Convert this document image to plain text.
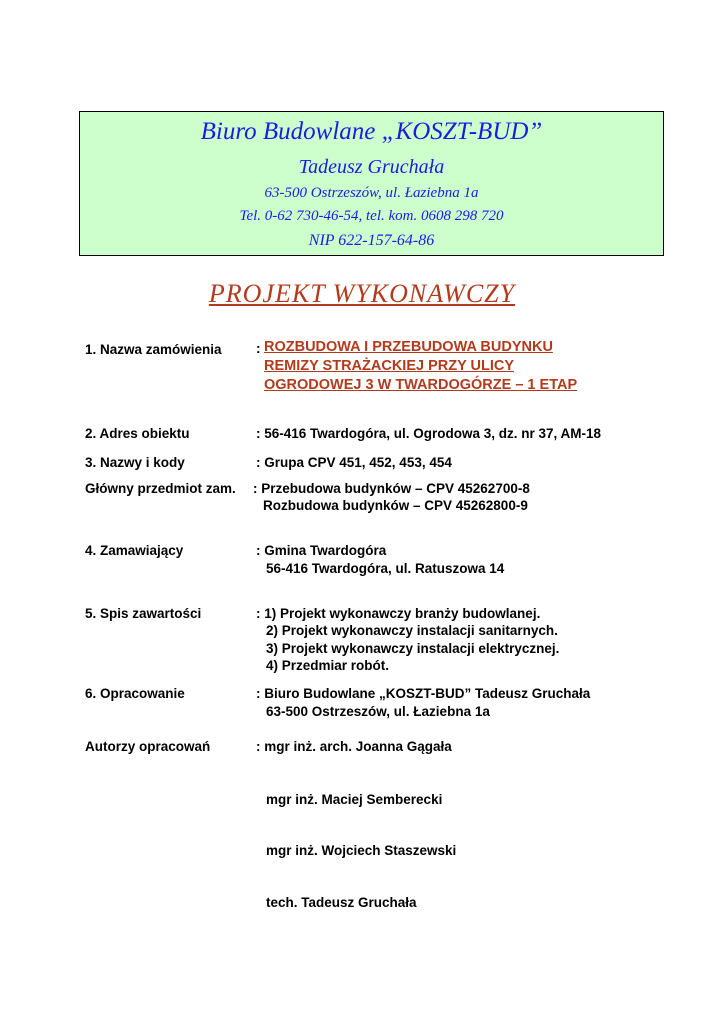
Biuro Budowlane „KOSZT-BUD”
Tadeusz Gruchała
63-500 Ostrzeszów, ul. Łaziebna 1a
Tel. 0-62 730-46-54, tel. kom. 0608 298 720
NIP 622-157-64-86
PROJEKT WYKONAWCZY
1. Nazwa zamówienia	: ROZBUDOWA I PRZEBUDOWA BUDYNKU
REMIZY STRAŻACKIEJ PRZY ULICY
OGRODOWEJ 3 W TWARDOGÓRZE – 1 ETAP
2. Adres obiektu	: 56-416 Twardogóra, ul. Ogrodowa 3, dz. nr 37, AM-18
3. Nazwy i kody	: Grupa CPV 451, 452, 453, 454
Główny przedmiot zam. : Przebudowa budynków – CPV 45262700-8
Rozbudowa budynków – CPV 45262800-9
4. Zamawiający	: Gmina Twardogóra
56-416 Twardogóra, ul. Ratuszowa 14
5. Spis zawartości	: 1) Projekt wykonawczy branży budowlanej.
2) Projekt wykonawczy instalacji sanitarnych.
3) Projekt wykonawczy instalacji elektrycznej.
4) Przedmiar robót.
6. Opracowanie	: Biuro Budowlane „KOSZT-BUD” Tadeusz Gruchała
63-500 Ostrzeszów, ul. Łaziebna 1a
Autorzy opracowań	: mgr inż. arch. Joanna Gągała
mgr inż. Maciej Semberecki
mgr inż. Wojciech Staszewski
tech. Tadeusz Gruchała
